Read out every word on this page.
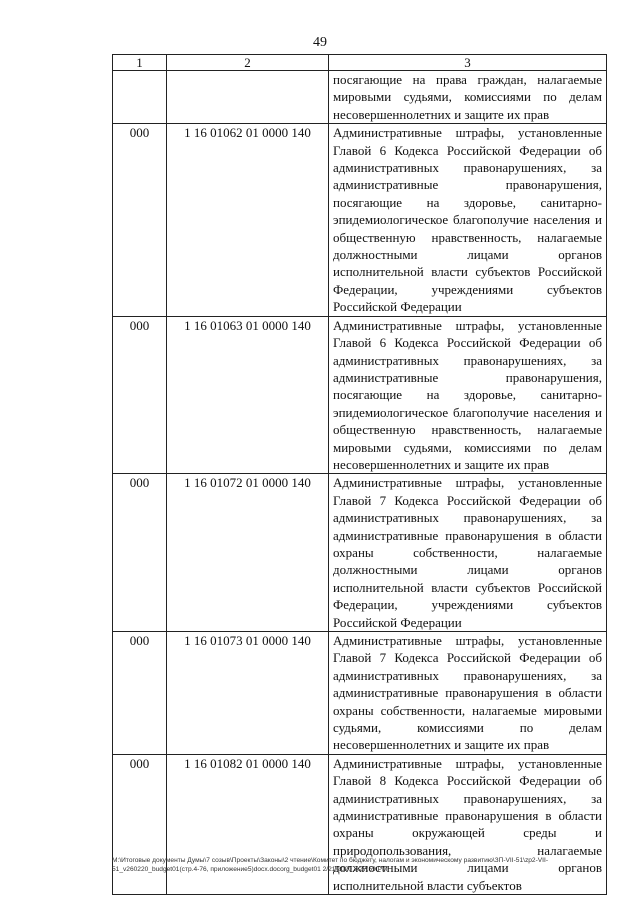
49
1	2	3
		посягающие на права граждан, налагаемые мировыми судьями, комиссиями по делам несовершеннолетних и защите их прав
000	1 16 01062 01 0000 140	Административные штрафы, установленные Главой 6 Кодекса Российской Федерации об административных правонарушениях, за административные правонарушения, посягающие на здоровье, санитарно-эпидемиологическое благополучие населения и общественную нравственность, налагаемые должностными лицами органов исполнительной власти субъектов Российской Федерации, учреждениями субъектов Российской Федерации
000	1 16 01063 01 0000 140	Административные штрафы, установленные Главой 6 Кодекса Российской Федерации об административных правонарушениях, за административные правонарушения, посягающие на здоровье, санитарно-эпидемиологическое благополучие населения и общественную нравственность, налагаемые мировыми судьями, комиссиями по делам несовершеннолетних и защите их прав
000	1 16 01072 01 0000 140	Административные штрафы, установленные Главой 7 Кодекса Российской Федерации об административных правонарушениях, за административные правонарушения в области охраны собственности, налагаемые должностными лицами органов исполнительной власти субъектов Российской Федерации, учреждениями субъектов Российской Федерации
000	1 16 01073 01 0000 140	Административные штрафы, установленные Главой 7 Кодекса Российской Федерации об административных правонарушениях, за административные правонарушения в области охраны собственности, налагаемые мировыми судьями, комиссиями по делам несовершеннолетних и защите их прав
000	1 16 01082 01 0000 140	Административные штрафы, установленные Главой 8 Кодекса Российской Федерации об административных правонарушениях, за административные правонарушения в области охраны окружающей среды и природопользования, налагаемые должностными лицами органов исполнительной власти субъектов
M:\Итоговые документы Думы\7 созыв\Проекты\Законы\2 чтение\Комитет по бюджету, налогам и экономическому развитию\ЗП-VII-51\zp2-VII-51_v260220_budget01(стр.4-76, приложение5)docx.docorg_budget01 2/21/2020 2:27:59 PM
